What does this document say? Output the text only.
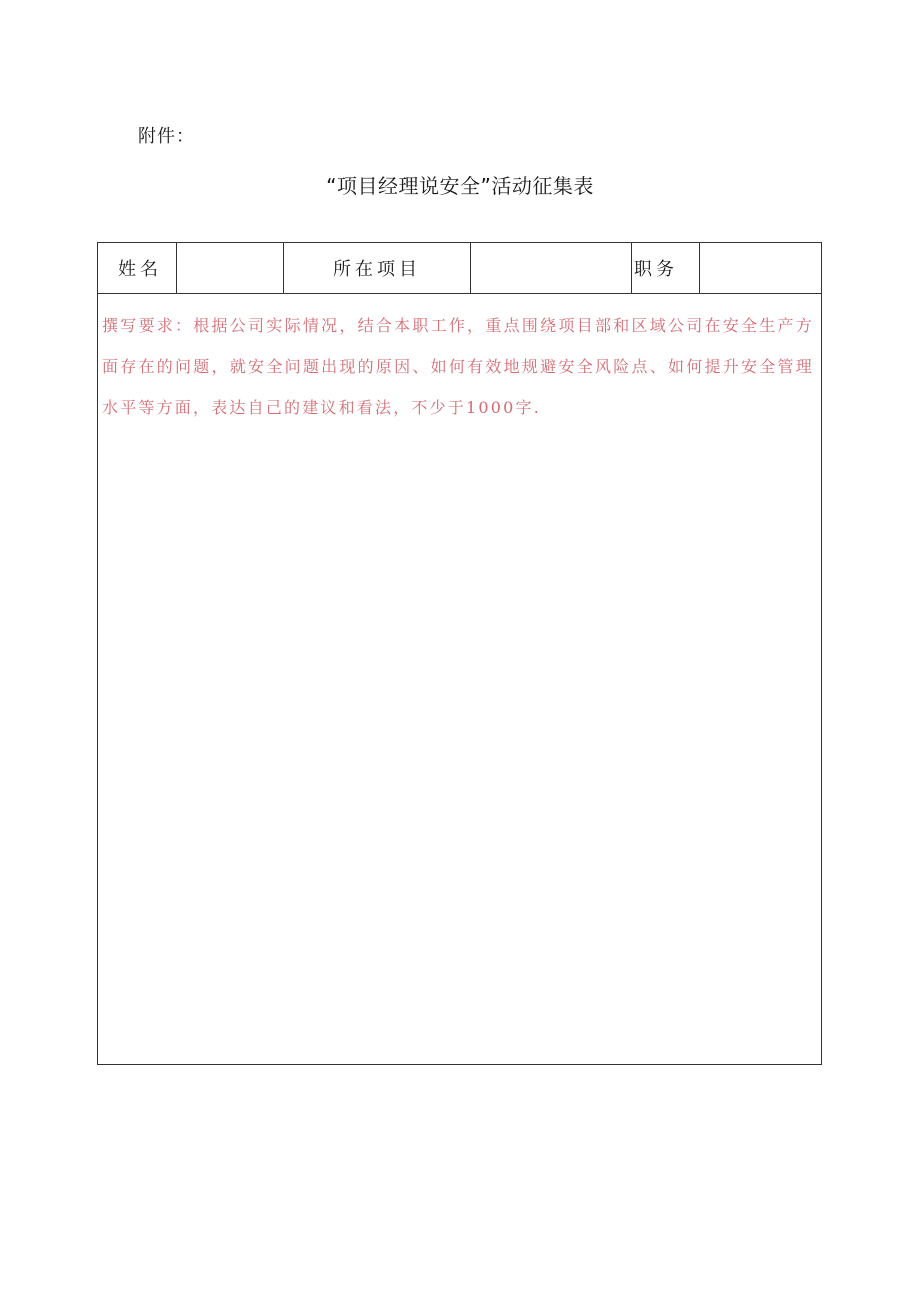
附件：
“项目经理说安全”活动征集表
姓名	所在项目	职务

撰写要求：根据公司实际情况，结合本职工作，重点围绕项目部和区域公司在安全生产方面存在的问题，就安全问题出现的原因、如何有效地规避安全风险点、如何提升安全管理水平等方面，表达自己的建议和看法，不少于1000字.
